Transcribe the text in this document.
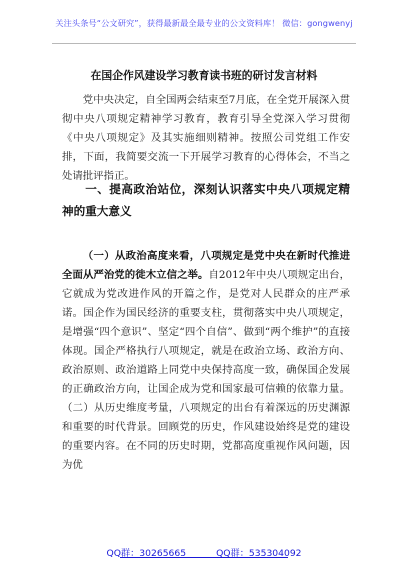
关注头条号“公文研究”，获得最新最全最专业的公文资料库！ 微信：gongwenyj
在国企作风建设学习教育读书班的研讨发言材料
党中央决定，自全国两会结束至7月底，在全党开展深入贯彻中央八项规定精神学习教育，教育引导全党深入学习贯彻《中央八项规定》及其实施细则精神。按照公司党组工作安排，下面，我简要交流一下开展学习教育的心得体会，不当之处请批评指正。
一、提高政治站位，深刻认识落实中央八项规定精神的重大意义
（一）从政治高度来看，八项规定是党中央在新时代推进全面从严治党的徙木立信之举。自2012年中央八项规定出台，它就成为党改进作风的开篇之作，是党对人民群众的庄严承诺。国企作为国民经济的重要支柱，贯彻落实中央八项规定，是增强“四个意识”、坚定“四个自信”、做到“两个维护”的直接体现。国企严格执行八项规定，就是在政治立场、政治方向、政治原则、政治道路上同党中央保持高度一致，确保国企发展的正确政治方向，让国企成为党和国家最可信赖的依靠力量。（二）从历史维度考量，八项规定的出台有着深远的历史渊源和重要的时代背景。回顾党的历史，作风建设始终是党的建设的重要内容。在不同的历史时期，党都高度重视作风问题，因为优
QQ群：30265665	QQ群：535304092
